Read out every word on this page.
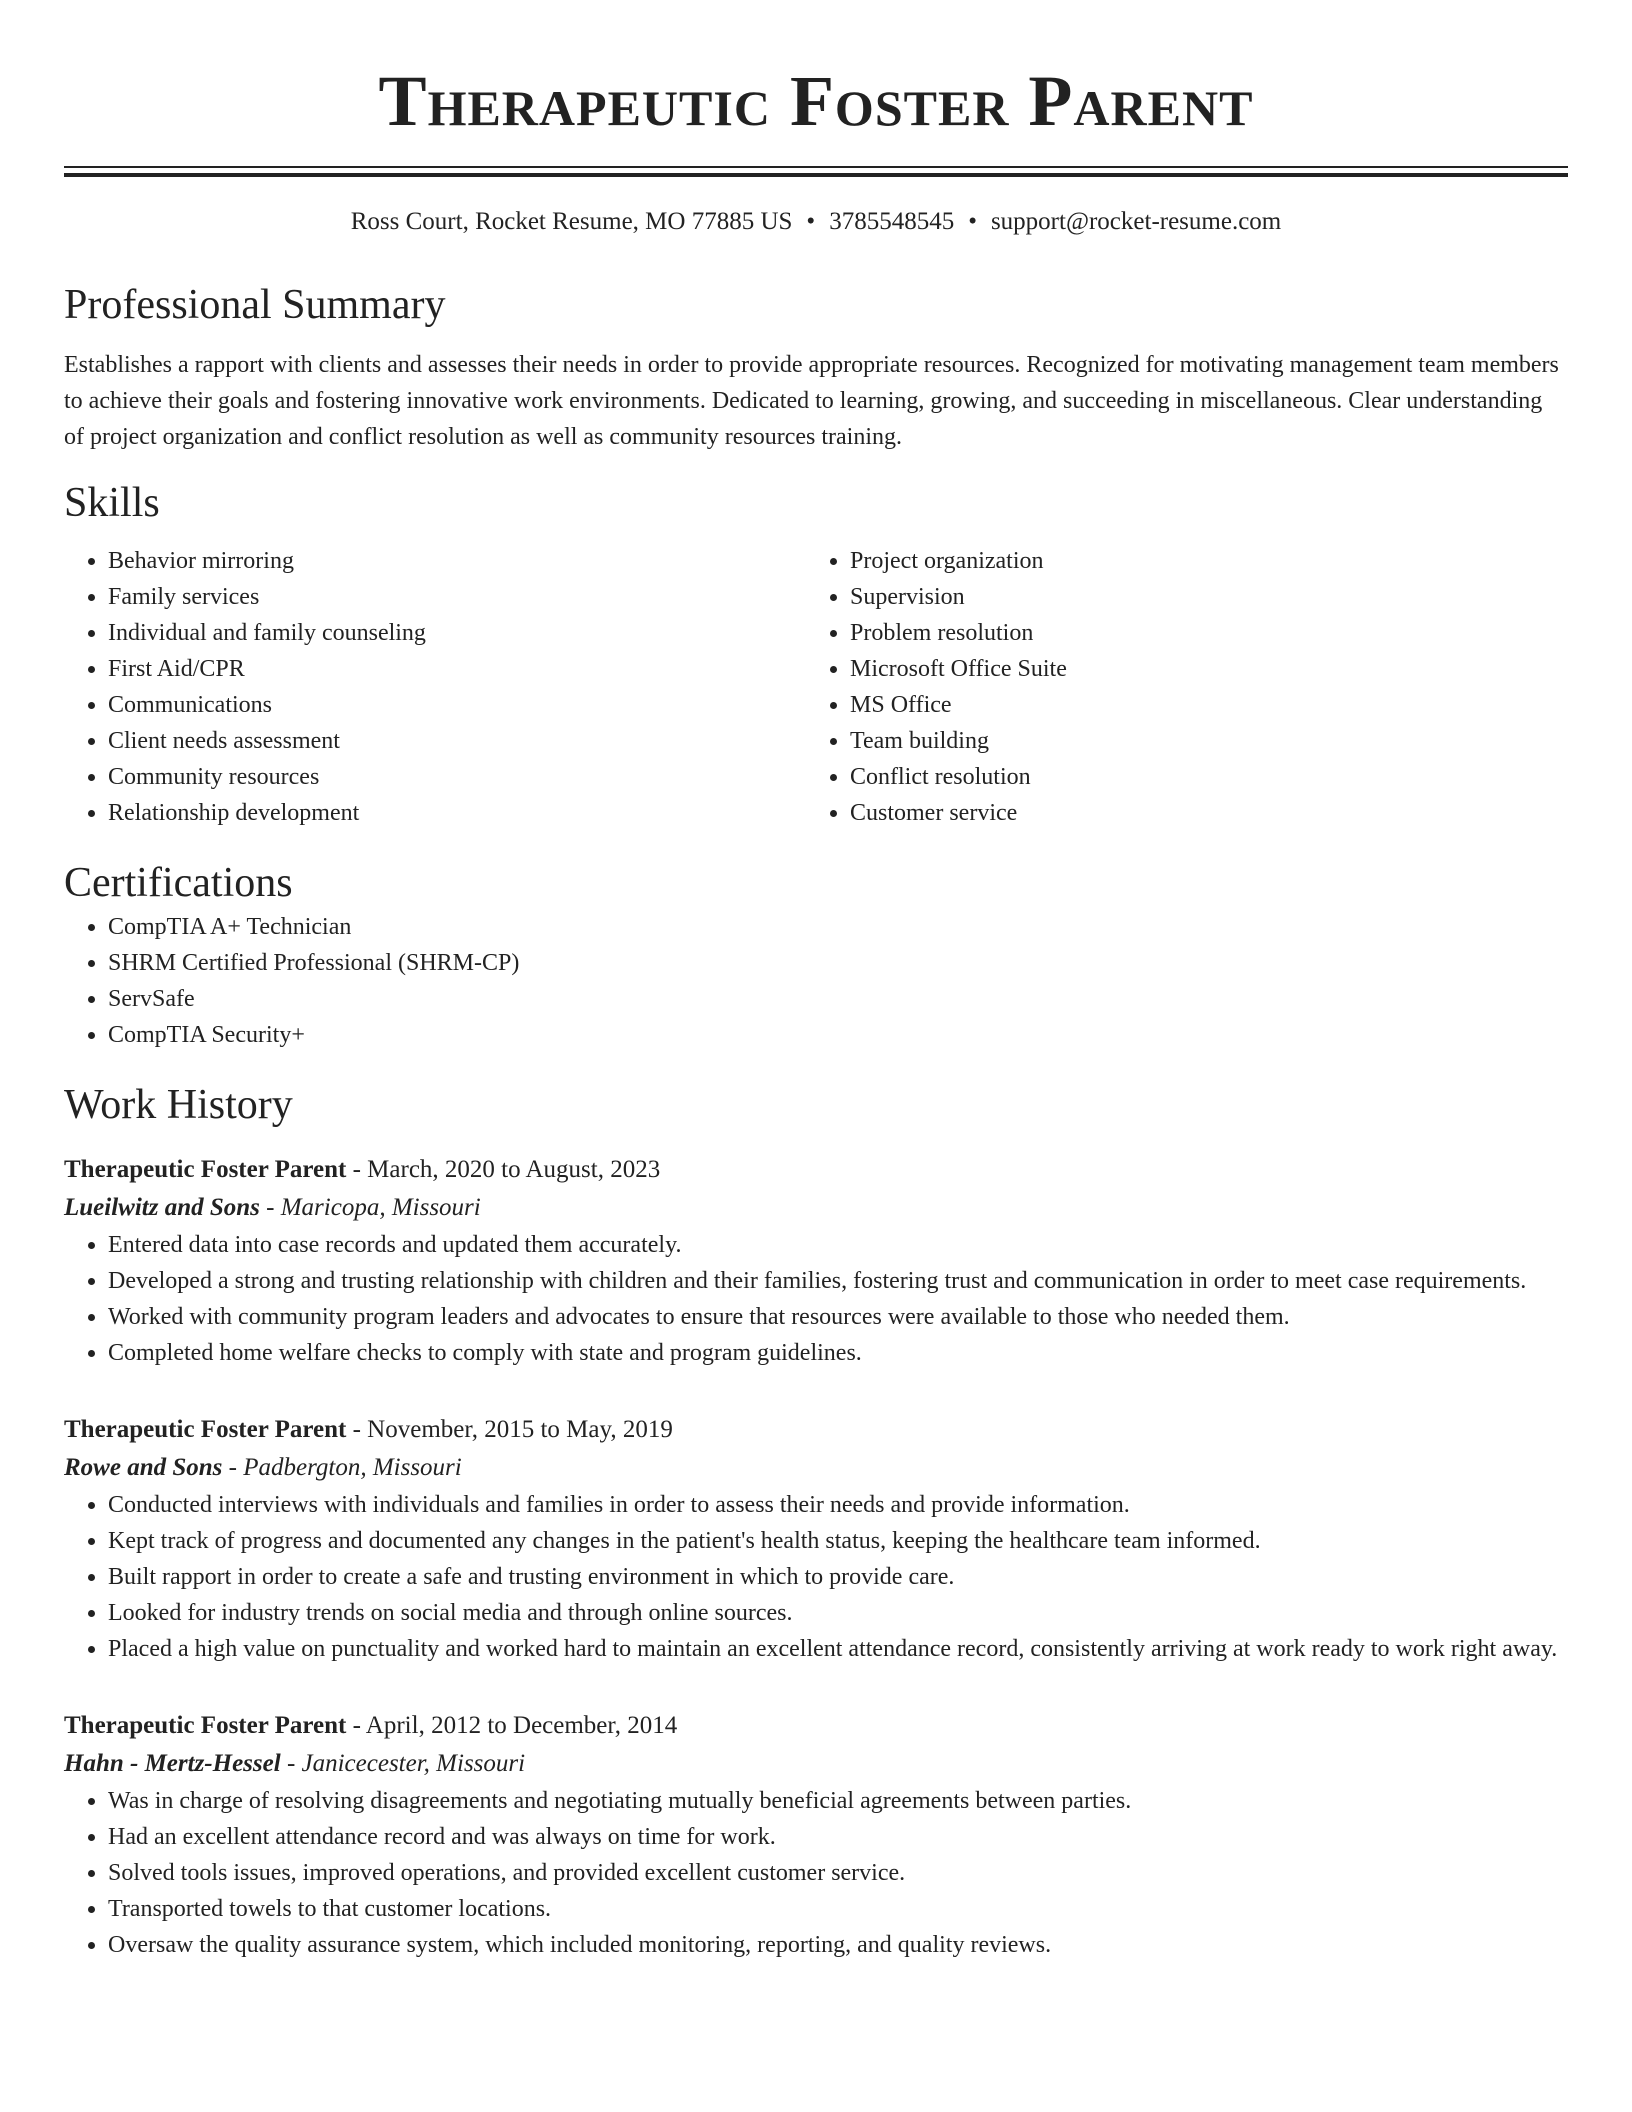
Therapeutic Foster Parent
Ross Court, Rocket Resume, MO 77885 US • 3785548545 • support@rocket-resume.com
Professional Summary
Establishes a rapport with clients and assesses their needs in order to provide appropriate resources. Recognized for motivating management team members to achieve their goals and fostering innovative work environments. Dedicated to learning, growing, and succeeding in miscellaneous. Clear understanding of project organization and conflict resolution as well as community resources training.
Skills
• Behavior mirroring
• Family services
• Individual and family counseling
• First Aid/CPR
• Communications
• Client needs assessment
• Community resources
• Relationship development
• Project organization
• Supervision
• Problem resolution
• Microsoft Office Suite
• MS Office
• Team building
• Conflict resolution
• Customer service
Certifications
• CompTIA A+ Technician
• SHRM Certified Professional (SHRM-CP)
• ServSafe
• CompTIA Security+
Work History
Therapeutic Foster Parent - March, 2020 to August, 2023
Lueilwitz and Sons - Maricopa, Missouri
• Entered data into case records and updated them accurately.
• Developed a strong and trusting relationship with children and their families, fostering trust and communication in order to meet case requirements.
• Worked with community program leaders and advocates to ensure that resources were available to those who needed them.
• Completed home welfare checks to comply with state and program guidelines.
Therapeutic Foster Parent - November, 2015 to May, 2019
Rowe and Sons - Padbergton, Missouri
• Conducted interviews with individuals and families in order to assess their needs and provide information.
• Kept track of progress and documented any changes in the patient's health status, keeping the healthcare team informed.
• Built rapport in order to create a safe and trusting environment in which to provide care.
• Looked for industry trends on social media and through online sources.
• Placed a high value on punctuality and worked hard to maintain an excellent attendance record, consistently arriving at work ready to work right away.
Therapeutic Foster Parent - April, 2012 to December, 2014
Hahn - Mertz-Hessel - Janicecester, Missouri
• Was in charge of resolving disagreements and negotiating mutually beneficial agreements between parties.
• Had an excellent attendance record and was always on time for work.
• Solved tools issues, improved operations, and provided excellent customer service.
• Transported towels to that customer locations.
• Oversaw the quality assurance system, which included monitoring, reporting, and quality reviews.
